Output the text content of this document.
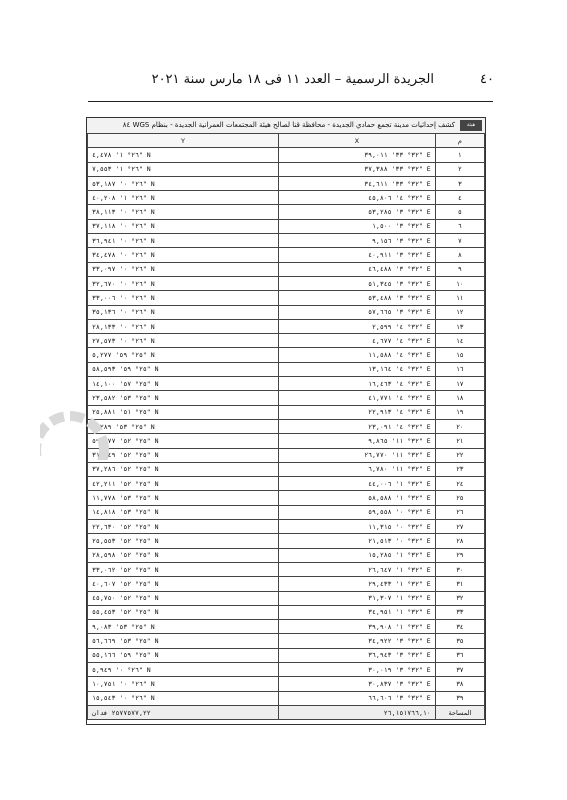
٤٠
الجريدة الرسمية – العدد ١١ فى ١٨ مارس سنة ٢٠٢١
كشف إحداثيات مدينة تجمع حمادي الجديدة - محافظة قنا لصالح هيئة المجتمعات العمرانية الجديدة - بنظام WGS ٨٤	هيئة
Y	X	م
٢٦° ١' ٤,٤٧٨" N	٣٢° ٣٣' ٣٩,٠١١" E	١
٢٦° ١' ٧,٥٥٣" N	٣٢° ٣٣' ٣٧,٣٨٨" E	٢
٢٦° ٠' ٥٣,١٨٧" N	٣٢° ٣٣' ٣٤,٦١١" E	٣
٢٦° ١' ٤٠,٢٠٨" N	٣٢° ٤' ٤٥,٨٠٦" E	٤
٢٦° ٠' ٣٨,١١٣" N	٣٢° ٣' ٥٣,٢٨٥" E	٥
٢٦° ٠' ٣٧,١١٨" N	٣٢° ٣' ١,٥٠٠" E	٦
٢٦° ٠' ٣٦,٩٤١" N	٣٢° ٣' ٩,١٥٦" E	٧
٢٦° ٠' ٣٤,٤٧٨" N	٣٢° ٣' ٤٠,٩١١" E	٨
٢٦° ٠' ٣٣,٠٩٧" N	٣٢° ٣' ٤٦,٤٨٨" E	٩
٢٦° ٠' ٣٢,٦٧٠" N	٣٢° ٣' ٥١,٣٤٥" E	١٠
٢٦° ٠' ٣٣,٠٠٦" N	٣٢° ٣' ٥٣,٤٨٨" E	١١
٢٦° ٠' ٣٥,١٣٦" N	٣٢° ٣' ٥٧,٦٦٥" E	١٢
٢٦° ٠' ٢٨,١٣٣" N	٣٢° ٤' ٢,٥٩٩" E	١٣
٢٦° ٠' ٢٧,٥٧٣" N	٣٢° ٤' ٤,٦٧٧" E	١٤
٢٥° ٥٩' ٥,٢٧٧" N	٣٢° ٤' ١١,٥٨٨" E	١٥
٢٥° ٥٩' ٥٨,٥٩٣" N	٣٢° ٤' ١٣,١٦٤" E	١٦
٢٥° ٥٧' ١٤,١٠٠" N	٣٢° ٤' ١٦,٤٦٣" E	١٧
٢٥° ٥٣' ٢٣,٥٨٢" N	٣٢° ٤' ٤١,٧٧١" E	١٨
٢٥° ٥١' ٢٥,٨٨١" N	٣٢° ٤' ٢٢,٩١٣" E	١٩
٢٥° ٥٣' ١,٢٨٩" N	٣٢° ٤' ٢٣,٠٩١" E	٢٠
٢٥° ٥٢' ٥٩,٠٧٧" N	٣٢° ١١' ٩,٨٦٥" E	٢١
٢٥° ٥٢' ٣١,٥٤٩" N	٣٢° ١١' ٢٦,٧٧٠" E	٢٢
٢٥° ٥٢' ٣٧,٢٨٦" N	٣٢° ١١' ٦,٧٨٠" E	٢٣
٢٥° ٥٢' ٤٢,٢١١" N	٣٢° ١' ٤٤,٠٠٦" E	٢٤
٢٥° ٥٣' ١١,٧٧٨" N	٣٢° ١' ٥٨,٥٨٨" E	٢٥
٢٥° ٥٣' ١٤,٨١٨" N	٣٢° ٠' ٥٩,٥٥٨" E	٢٦
٢٥° ٥٢' ٢٢,٦٣٠" N	٣٢° ٠' ١١,٣١٥" E	٢٧
٢٥° ٥٢' ٢٥,٥٥٣" N	٣٢° ٠' ٢١,٥١٣" E	٢٨
٢٥° ٥٢' ٢٨,٥٩٨" N	٣٢° ١' ١٥,٢٨٥" E	٢٩
٢٥° ٥٢' ٣٣,٠٦٢" N	٣٢° ١' ٢٦,٦٤٧" E	٣٠
٢٥° ٥٢' ٤٠,٦٠٧" N	٣٢° ١' ٢٩,٤٣٣" E	٣١
٢٥° ٥٢' ٤٥,٧٥٠" N	٣٢° ١' ٣١,٣٠٧" E	٣٢
٢٥° ٥٢' ٥٥,٤٥٣" N	٣٢° ١' ٣٤,٩٥١" E	٣٣
٢٥° ٥٣' ٩,٠٨٣" N	٣٢° ١' ٣٩,٩٠٨" E	٣٤
٢٥° ٥٣' ٥٦,٦٦٩" N	٣٢° ٣' ٣٤,٩٢٢" E	٣٥
٢٥° ٥٩' ٥٥,١٦٦" N	٣٢° ٣' ٣٦,٩٤٣" E	٣٦
٢٦° ٠' ٥,٩٤٩" N	٣٢° ٣' ٣٠,٠١٩" E	٣٧
٢٦° ٠' ١٠,٧٥١" N	٣٢° ٣' ٣٠,٨٣٧" E	٣٨
٢٦° ٠' ١٥,٥٤٣" N	٣٢° ٣' ٦٦,٦٠٦" E	٣٩
٢٥٧٧٥٧٧,٢٢ فدان	٢٦,١٥١٧٦٦,١٠	المساحة
